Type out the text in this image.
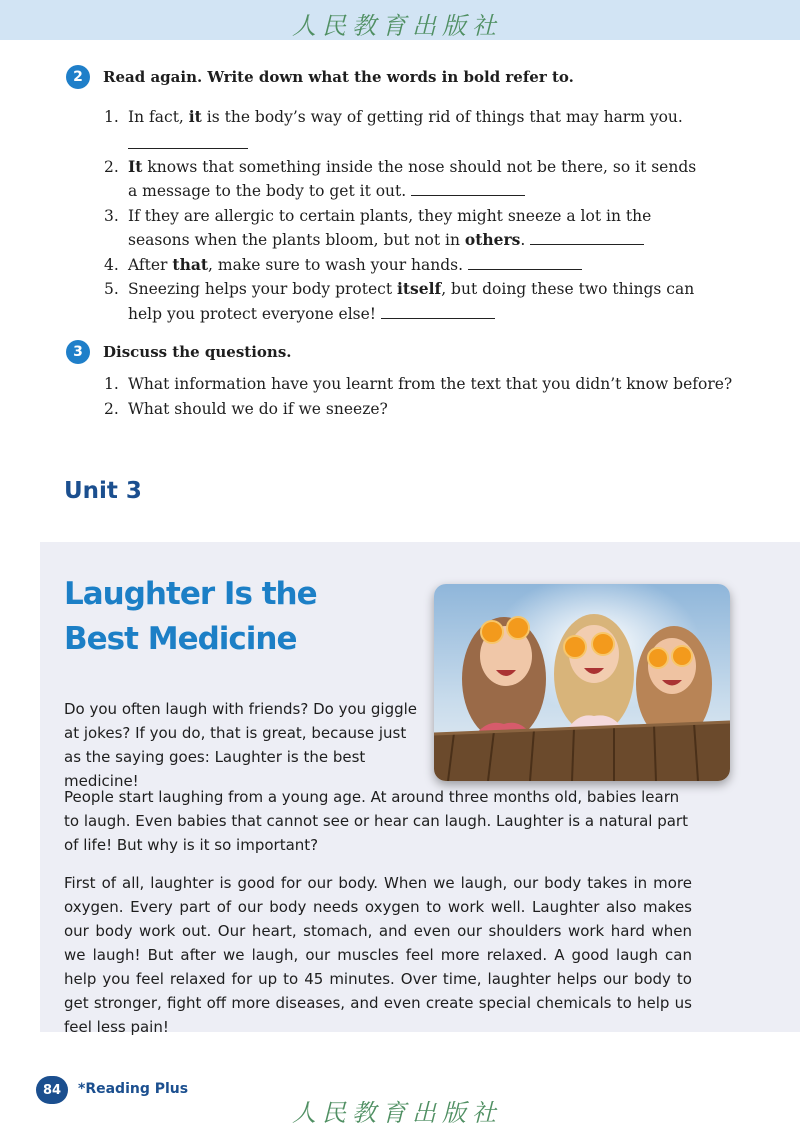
人民教育出版社
2	Read again. Write down what the words in bold refer to.
1. In fact, it is the body’s way of getting rid of things that may harm you.
2. It knows that something inside the nose should not be there, so it sends a message to the body to get it out.
3. If they are allergic to certain plants, they might sneeze a lot in the seasons when the plants bloom, but not in others.
4. After that, make sure to wash your hands.
5. Sneezing helps your body protect itself, but doing these two things can help you protect everyone else!
3	Discuss the questions.
1. What information have you learnt from the text that you didn’t know before?
2. What should we do if we sneeze?
Unit 3
Laughter Is the
Best Medicine

Do you often laugh with friends? Do you giggle at jokes? If you do, that is great, because just as the saying goes: Laughter is the best medicine!

People start laughing from a young age. At around three months old, babies learn to laugh. Even babies that cannot see or hear can laugh. Laughter is a natural part of life! But why is it so important?

First of all, laughter is good for our body. When we laugh, our body takes in more oxygen. Every part of our body needs oxygen to work well. Laughter also makes our body work out. Our heart, stomach, and even our shoulders work hard when we laugh! But after we laugh, our muscles feel more relaxed. A good laugh can help you feel relaxed for up to 45 minutes. Over time, laughter helps our body to get stronger, fight off more diseases, and even create special chemicals to help us feel less pain!

84	*Reading Plus
人民教育出版社
